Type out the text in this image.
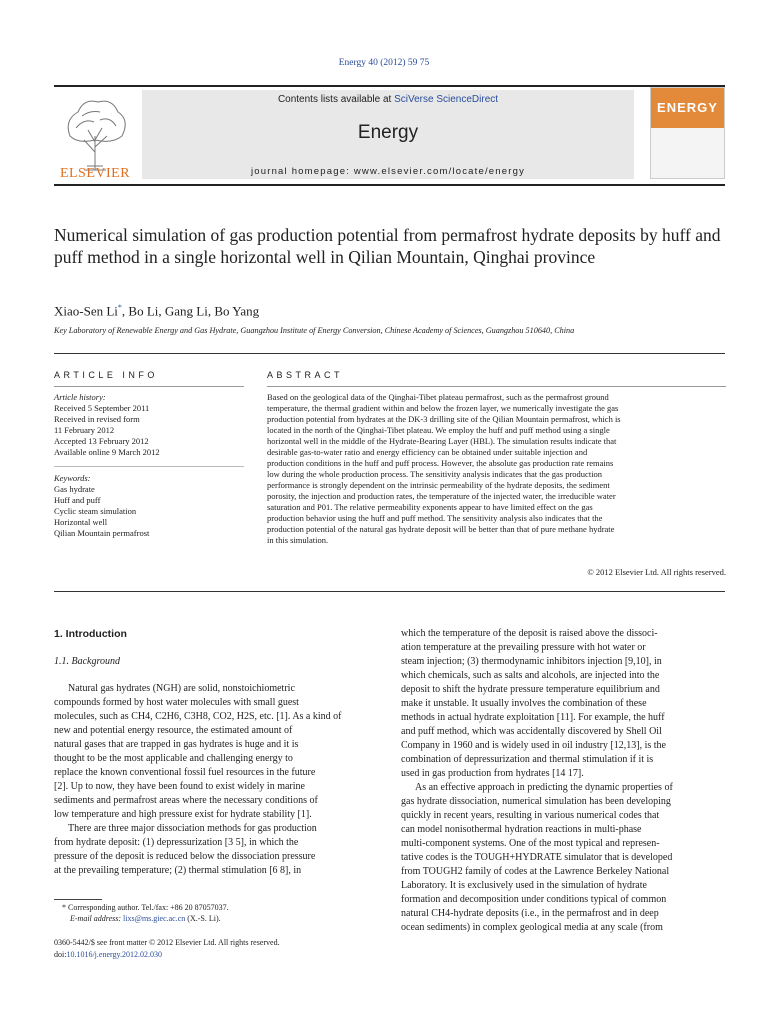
Energy 40 (2012) 59 75
ELSEVIER
Contents lists available at SciVerse ScienceDirect
Energy
journal homepage: www.elsevier.com/locate/energy
ENERGY
Numerical simulation of gas production potential from permafrost hydrate deposits by huff and puff method in a single horizontal well in Qilian Mountain, Qinghai province
Xiao-Sen Li*, Bo Li, Gang Li, Bo Yang
Key Laboratory of Renewable Energy and Gas Hydrate, Guangzhou Institute of Energy Conversion, Chinese Academy of Sciences, Guangzhou 510640, China
ARTICLE INFO
Article history:
Received 5 September 2011
Received in revised form
11 February 2012
Accepted 13 February 2012
Available online 9 March 2012
Keywords:
Gas hydrate
Huff and puff
Cyclic steam simulation
Horizontal well
Qilian Mountain permafrost
ABSTRACT
Based on the geological data of the Qinghai-Tibet plateau permafrost, such as the permafrost ground
temperature, the thermal gradient within and below the frozen layer, we numerically investigate the gas
production potential from hydrates at the DK-3 drilling site of the Qilian Mountain permafrost, which is
located in the north of the Qinghai-Tibet plateau. We employ the huff and puff method using a single
horizontal well in the middle of the Hydrate-Bearing Layer (HBL). The simulation results indicate that
desirable gas-to-water ratio and energy efficiency can be obtained under suitable injection and
production conditions in the huff and puff process. However, the absolute gas production rate remains
low during the whole production process. The sensitivity analysis indicates that the gas production
performance is strongly dependent on the intrinsic permeability of the hydrate deposits, the sediment
porosity, the injection and production rates, the temperature of the injected water, the irreducible water
saturation and P01. The relative permeability exponents appear to have limited effect on the gas
production behavior using the huff and puff method. The sensitivity analysis also indicates that the
production potential of the natural gas hydrate deposit will be better than that of pure methane hydrate
in this simulation.
© 2012 Elsevier Ltd. All rights reserved.
1. Introduction
1.1. Background
Natural gas hydrates (NGH) are solid, nonstoichiometric
compounds formed by host water molecules with small guest
molecules, such as CH4, C2H6, C3H8, CO2, H2S, etc. [1]. As a kind of
new and potential energy resource, the estimated amount of
natural gases that are trapped in gas hydrates is huge and it is
thought to be the most applicable and challenging energy to
replace the known conventional fossil fuel resources in the future
[2]. Up to now, they have been found to exist widely in marine
sediments and permafrost areas where the necessary conditions of
low temperature and high pressure exist for hydrate stability [1].
There are three major dissociation methods for gas production
from hydrate deposit: (1) depressurization [3 5], in which the
pressure of the deposit is reduced below the dissociation pressure
at the prevailing temperature; (2) thermal stimulation [6 8], in
which the temperature of the deposit is raised above the dissoci-
ation temperature at the prevailing pressure with hot water or
steam injection; (3) thermodynamic inhibitors injection [9,10], in
which chemicals, such as salts and alcohols, are injected into the
deposit to shift the hydrate pressure temperature equilibrium and
make it unstable. It usually involves the combination of these
methods in actual hydrate exploitation [11]. For example, the huff
and puff method, which was accidentally discovered by Shell Oil
Company in 1960 and is widely used in oil industry [12,13], is the
combination of depressurization and thermal stimulation if it is
used in gas production from hydrates [14 17].
As an effective approach in predicting the dynamic properties of
gas hydrate dissociation, numerical simulation has been developing
quickly in recent years, resulting in various numerical codes that
can model nonisothermal hydration reactions in multi-phase
multi-component systems. One of the most typical and represen-
tative codes is the TOUGH+HYDRATE simulator that is developed
from TOUGH2 family of codes at the Lawrence Berkeley National
Laboratory. It is exclusively used in the simulation of hydrate
formation and decomposition under conditions typical of common
natural CH4-hydrate deposits (i.e., in the permafrost and in deep
ocean sediments) in complex geological media at any scale (from
* Corresponding author. Tel./fax: +86 20 87057037.
E-mail address: lixs@ms.giec.ac.cn (X.-S. Li).
0360-5442/$ see front matter © 2012 Elsevier Ltd. All rights reserved.
doi:10.1016/j.energy.2012.02.030
